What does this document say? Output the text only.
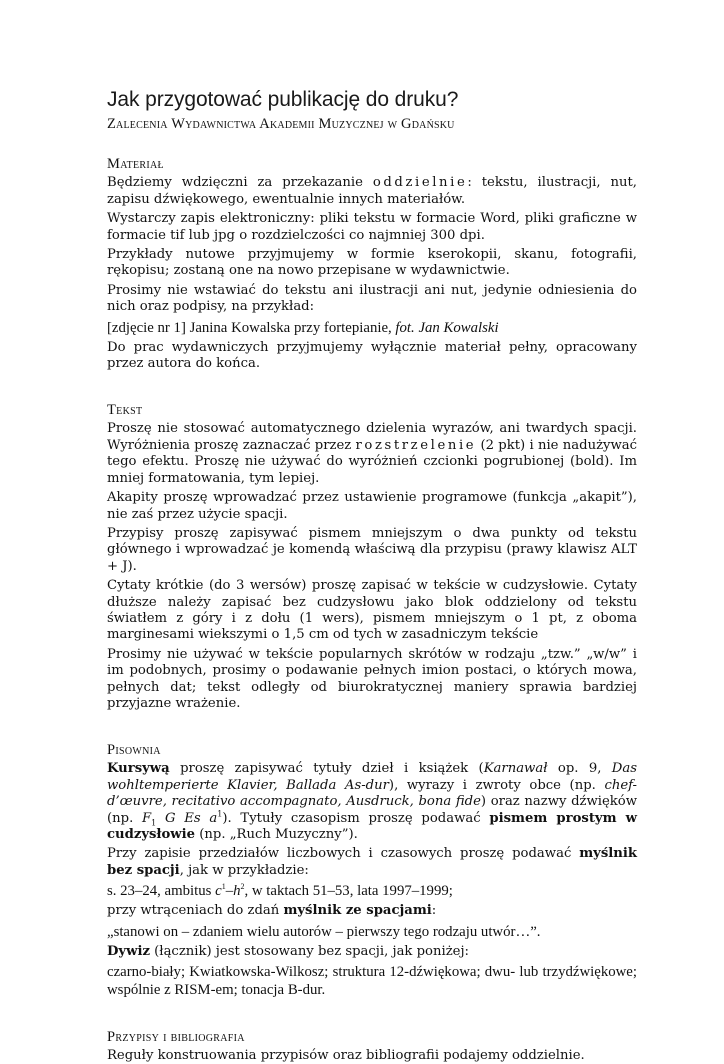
Jak przygotować publikację do druku?
Zalecenia Wydawnictwa Akademii Muzycznej w Gdańsku
Materiał

Będziemy wdzięczni za przekazanie oddzielnie: tekstu, ilustracji, nut, zapisu dźwiękowego, ewentualnie innych materiałów.

Wystarczy zapis elektroniczny: pliki tekstu w formacie Word, pliki graficzne w formacie tif lub jpg o rozdzielczości co najmniej 300 dpi.

Przykłady nutowe przyjmujemy w formie kserokopii, skanu, fotografii, rękopisu; zostaną one na nowo przepisane w wydawnictwie.

Prosimy nie wstawiać do tekstu ani ilustracji ani nut, jedynie odniesienia do nich oraz podpisy, na przykład:

[zdjęcie nr 1] Janina Kowalska przy fortepianie, fot. Jan Kowalski

Do prac wydawniczych przyjmujemy wyłącznie materiał pełny, opracowany przez autora do końca.

Tekst

Proszę nie stosować automatycznego dzielenia wyrazów, ani twardych spacji. Wyróżnienia proszę zaznaczać przez rozstrzelenie (2 pkt) i nie nadużywać tego efektu. Proszę nie używać do wyróżnień czcionki pogrubionej (bold). Im mniej formatowania, tym lepiej.

Akapity proszę wprowadzać przez ustawienie programowe (funkcja „akapit”), nie zaś przez użycie spacji.

Przypisy proszę zapisywać pismem mniejszym o dwa punkty od tekstu głównego i wprowadzać je komendą właściwą dla przypisu (prawy klawisz ALT + J).

Cytaty krótkie (do 3 wersów) proszę zapisać w tekście w cudzysłowie. Cytaty dłuższe należy zapisać bez cudzysłowu jako blok oddzielony od tekstu światłem z góry i z dołu (1 wers), pismem mniejszym o 1 pt, z oboma marginesami wiekszymi o 1,5 cm od tych w zasadniczym tekście

Prosimy nie używać w tekście popularnych skrótów w rodzaju „tzw.” „w/w” i im podobnych, prosimy o podawanie pełnych imion postaci, o których mowa, pełnych dat; tekst odległy od biurokratycznej maniery sprawia bardziej przyjazne wrażenie.

Pisownia

Kursywą proszę zapisywać tytuły dzieł i książek (Karnawał op. 9, Das wohltemperierte Klavier, Ballada As-dur), wyrazy i zwroty obce (np. chef-d’œuvre, recitativo accompagnato, Ausdruck, bona fide) oraz nazwy dźwięków (np. $F_1$ G Es $a^1$). Tytuły czasopism proszę podawać pismem prostym w cudzysłowie (np. „Ruch Muzyczny”).

Przy zapisie przedziałów liczbowych i czasowych proszę podawać myślnik bez spacji, jak w przykładzie:

s. 23–24, ambitus $c^1-h^2$, w taktach 51–53, lata 1997–1999;

przy wtrąceniach do zdań myślnik ze spacjami:

„stanowi on – zdaniem wielu autorów – pierwszy tego rodzaju utwór…”.

Dywiz (łącznik) jest stosowany bez spacji, jak poniżej:

czarno-biały; Kwiatkowska-Wilkosz; struktura 12-dźwiękowa; dwu- lub trzydźwiękowe; wspólnie z RISM-em; tonacja B-dur.

Przypisy i bibliografia

Reguły konstruowania przypisów oraz bibliografii podajemy oddzielnie.
